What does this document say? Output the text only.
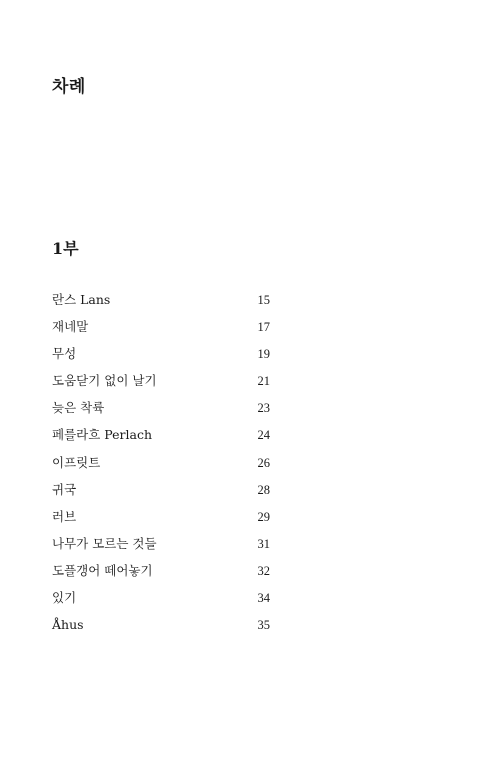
차례
1부
란스 Lans	15
재네말	17
무성	19
도움닫기 없이 날기	21
늦은 착륙	23
페를라흐 Perlach	24
이프릿트	26
귀국	28
러브	29
나무가 모르는 것들	31
도플갱어 떼어놓기	32
있기	34
Åhus	35
